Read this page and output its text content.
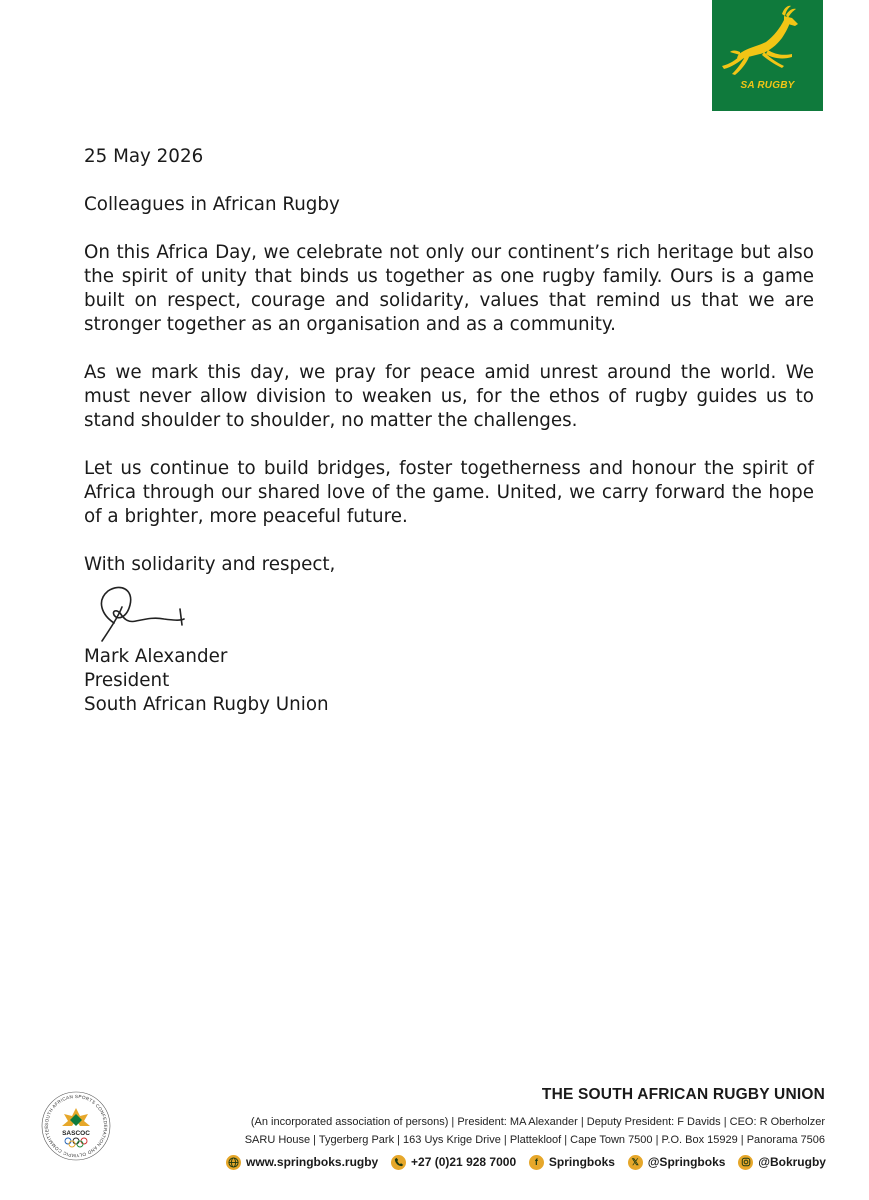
SA RUGBY

25 May 2026

Colleagues in African Rugby

On this Africa Day, we celebrate not only our continent’s rich heritage but also the spirit of unity that binds us together as one rugby family. Ours is a game built on respect, courage and solidarity, values that remind us that we are stronger together as an organisation and as a community.

As we mark this day, we pray for peace amid unrest around the world. We must never allow division to weaken us, for the ethos of rugby guides us to stand shoulder to shoulder, no matter the challenges.

Let us continue to build bridges, foster togetherness and honour the spirit of Africa through our shared love of the game. United, we carry forward the hope of a brighter, more peaceful future.

With solidarity and respect,

Mark Alexander

President

South African Rugby Union

SOUTH AFRICAN SPORTS CONFEDERATION AND OLYMPIC COMMITTEE
SASCOC
THE SOUTH AFRICAN RUGBY UNION
(An incorporated association of persons) | President: MA Alexander | Deputy President: F Davids | CEO: R Oberholzer
SARU House | Tygerberg Park | 163 Uys Krige Drive | Plattekloof | Cape Town 7500 | P.O. Box 15929 | Panorama 7506
www.springboks.rugby	+27 (0)21 928 7000	f Springboks	𝕏 @Springboks	@Bokrugby
